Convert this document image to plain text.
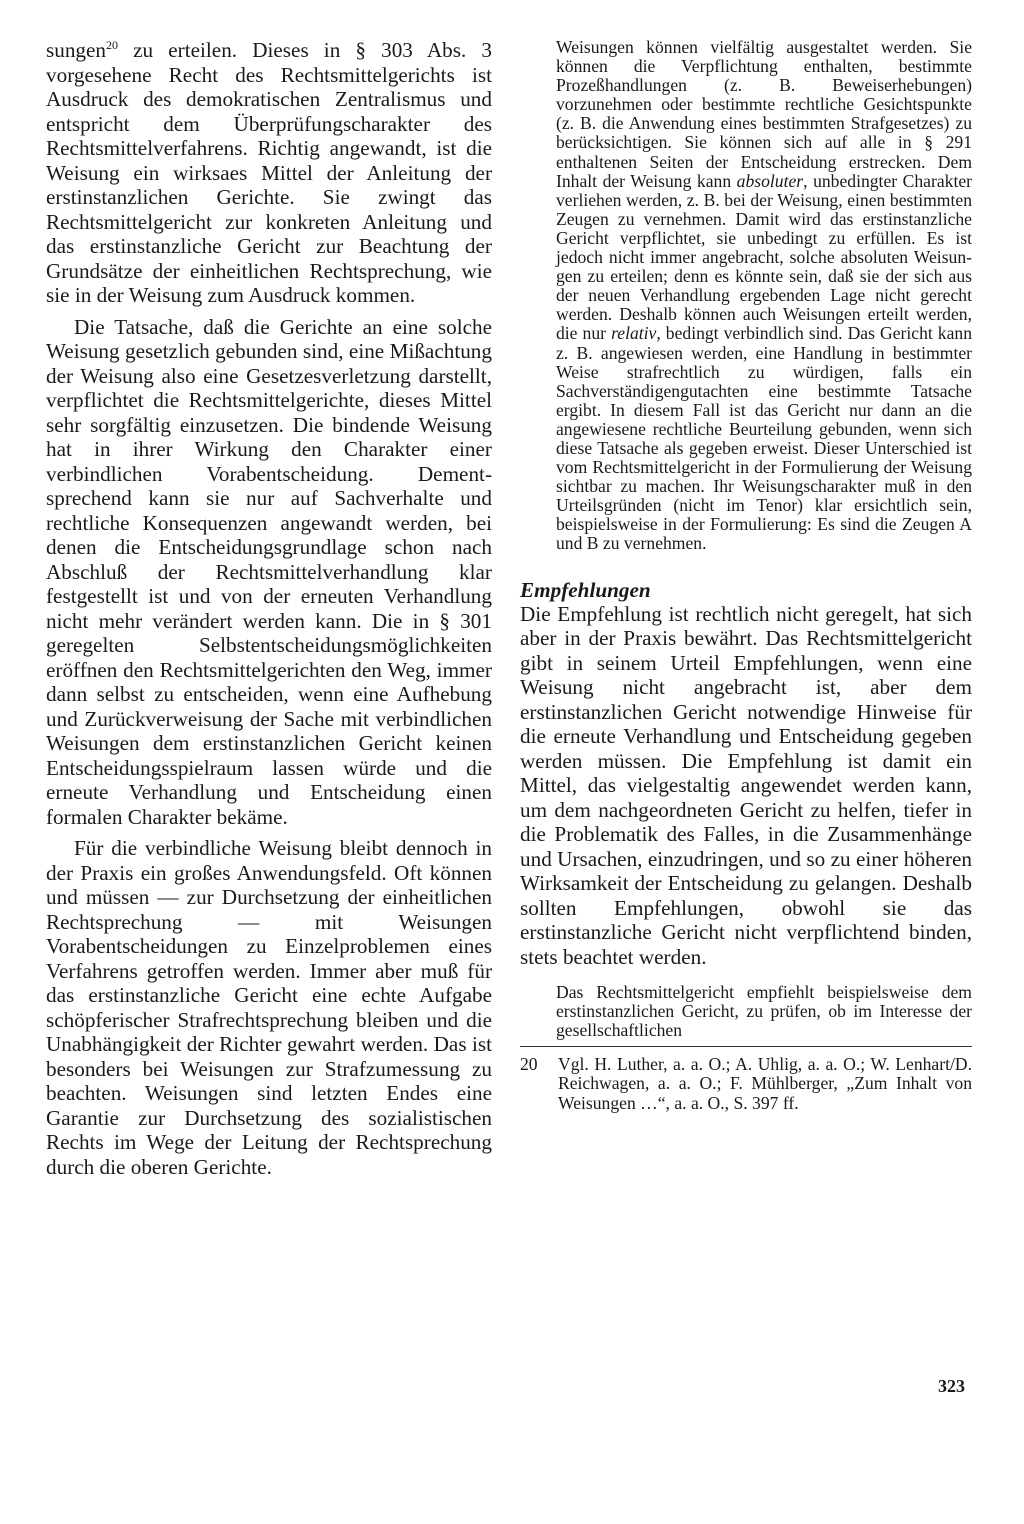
sungen$^{20}$ zu erteilen. Dieses in § 303 Abs. 3 vorgesehene Recht des Rechtsmittelgerichts ist Ausdruck des demokratischen Zentralismus und entspricht dem Überprüfungscharakter des Rechtsmittelverfahrens. Richtig angewandt, ist die Weisung ein wirksaes Mittel der Anleitung der erstinstanzlichen Gerichte. Sie zwingt das Rechtsmittelgericht zur konkreten Anleitung und das erstinstanzliche Gericht zur Beachtung der Grundsätze der einheitlichen Rechtsprechung, wie sie in der Weisung zum Ausdruck kommen.

Die Tatsache, daß die Gerichte an eine solche Weisung gesetzlich gebunden sind, eine Mißachtung der Weisung also eine Gesetzesverletzung darstellt, verpflichtet die Rechtsmittelgerichte, dieses Mittel sehr sorgfältig einzusetzen. Die bindende Weisung hat in ihrer Wirkung den Charakter einer verbindlichen Vorabentscheidung. Dementsprechend kann sie nur auf Sachverhalte und rechtliche Konsequenzen angewandt werden, bei denen die Entscheidungsgrundlage schon nach Abschluß der Rechtsmittelverhandlung klar festgestellt ist und von der erneuten Verhandlung nicht mehr verändert werden kann. Die in § 301 geregelten Selbstentscheidungsmöglichkeiten eröffnen den Rechtsmittelgerichten den Weg, immer dann selbst zu entscheiden, wenn eine Aufhebung und Zurückverweisung der Sache mit verbindlichen Weisungen dem erstinstanzlichen Gericht keinen Entscheidungsspielraum lassen würde und die erneute Verhandlung und Entscheidung einen formalen Charakter bekäme.

Für die verbindliche Weisung bleibt dennoch in der Praxis ein großes Anwendungsfeld. Oft können und müssen — zur Durchsetzung der einheitlichen Rechtsprechung — mit Weisungen Vorabentscheidungen zu Einzelproblemen eines Verfahrens getroffen werden. Immer aber muß für das erstinstanzliche Gericht eine echte Aufgabe schöpferischer Strafrechtsprechung bleiben und die Unabhängigkeit der Richter gewahrt werden. Das ist besonders bei Weisungen zur Strafzumessung zu beachten. Weisungen sind letzten Endes eine Garantie zur Durchsetzung des sozialistischen Rechts im Wege der Leitung der Rechtsprechung durch die oberen Gerichte.

Weisungen können vielfältig ausgestaltet werden. Sie können die Verpflichtung enthalten, bestimmte Prozeßhandlungen (z. B. Beweiserhebungen) vorzunehmen oder bestimmte rechtliche Gesichtspunkte (z. B. die Anwendung eines bestimmten Strafgesetzes) zu berücksichtigen. Sie können sich auf alle in § 291 enthaltenen Seiten der Entscheidung erstrecken. Dem Inhalt der Weisung kann absoluter, unbedingter Charakter verliehen werden, z. B. bei der Weisung, einen bestimmten Zeugen zu vernehmen. Damit wird das erstinstanzliche Gericht verpflichtet, sie unbedingt zu erfüllen. Es ist jedoch nicht immer angebracht, solche absoluten Weisungen zu erteilen; denn es könnte sein, daß sie der sich aus der neuen Verhandlung ergebenden Lage nicht gerecht werden. Deshalb können auch Weisungen erteilt werden, die nur relativ, bedingt verbindlich sind. Das Gericht kann z. B. angewiesen werden, eine Handlung in bestimmter Weise strafrechtlich zu würdigen, falls ein Sachverständigengutachten eine bestimmte Tatsache ergibt. In diesem Fall ist das Gericht nur dann an die angewiesene rechtliche Beurteilung gebunden, wenn sich diese Tatsache als gegeben erweist. Dieser Unterschied ist vom Rechtsmittelgericht in der Formulierung der Weisung sichtbar zu machen. Ihr Weisungscharakter muß in den Urteilsgründen (nicht im Tenor) klar ersichtlich sein, beispielsweise in der Formulierung: Es sind die Zeugen A und B zu vernehmen.

Empfehlungen

Die Empfehlung ist rechtlich nicht geregelt, hat sich aber in der Praxis bewährt. Das Rechtsmittelgericht gibt in seinem Urteil Empfehlungen, wenn eine Weisung nicht angebracht ist, aber dem erstinstanzlichen Gericht notwendige Hinweise für die erneute Verhandlung und Entscheidung gegeben werden müssen. Die Empfehlung ist damit ein Mittel, das vielgestaltig angewendet werden kann, um dem nachgeordneten Gericht zu helfen, tiefer in die Problematik des Falles, in die Zusammenhänge und Ursachen, einzudringen, und so zu einer höheren Wirksamkeit der Entscheidung zu gelangen. Deshalb sollten Empfehlungen, obwohl sie das erstinstanzliche Gericht nicht verpflichtend binden, stets beachtet werden.

Das Rechtsmittelgericht empfiehlt beispielsweise dem erstinstanzlichen Gericht, zu prüfen, ob im Interesse der gesellschaftlichen

20	Vgl. H. Luther, a. a. O.; A. Uhlig, a. a. O.; W. Lenhart/D. Reichwagen, a. a. O.; F. Mühlberger, „Zum Inhalt von Weisungen …“, a. a. O., S. 397 ff.
323
